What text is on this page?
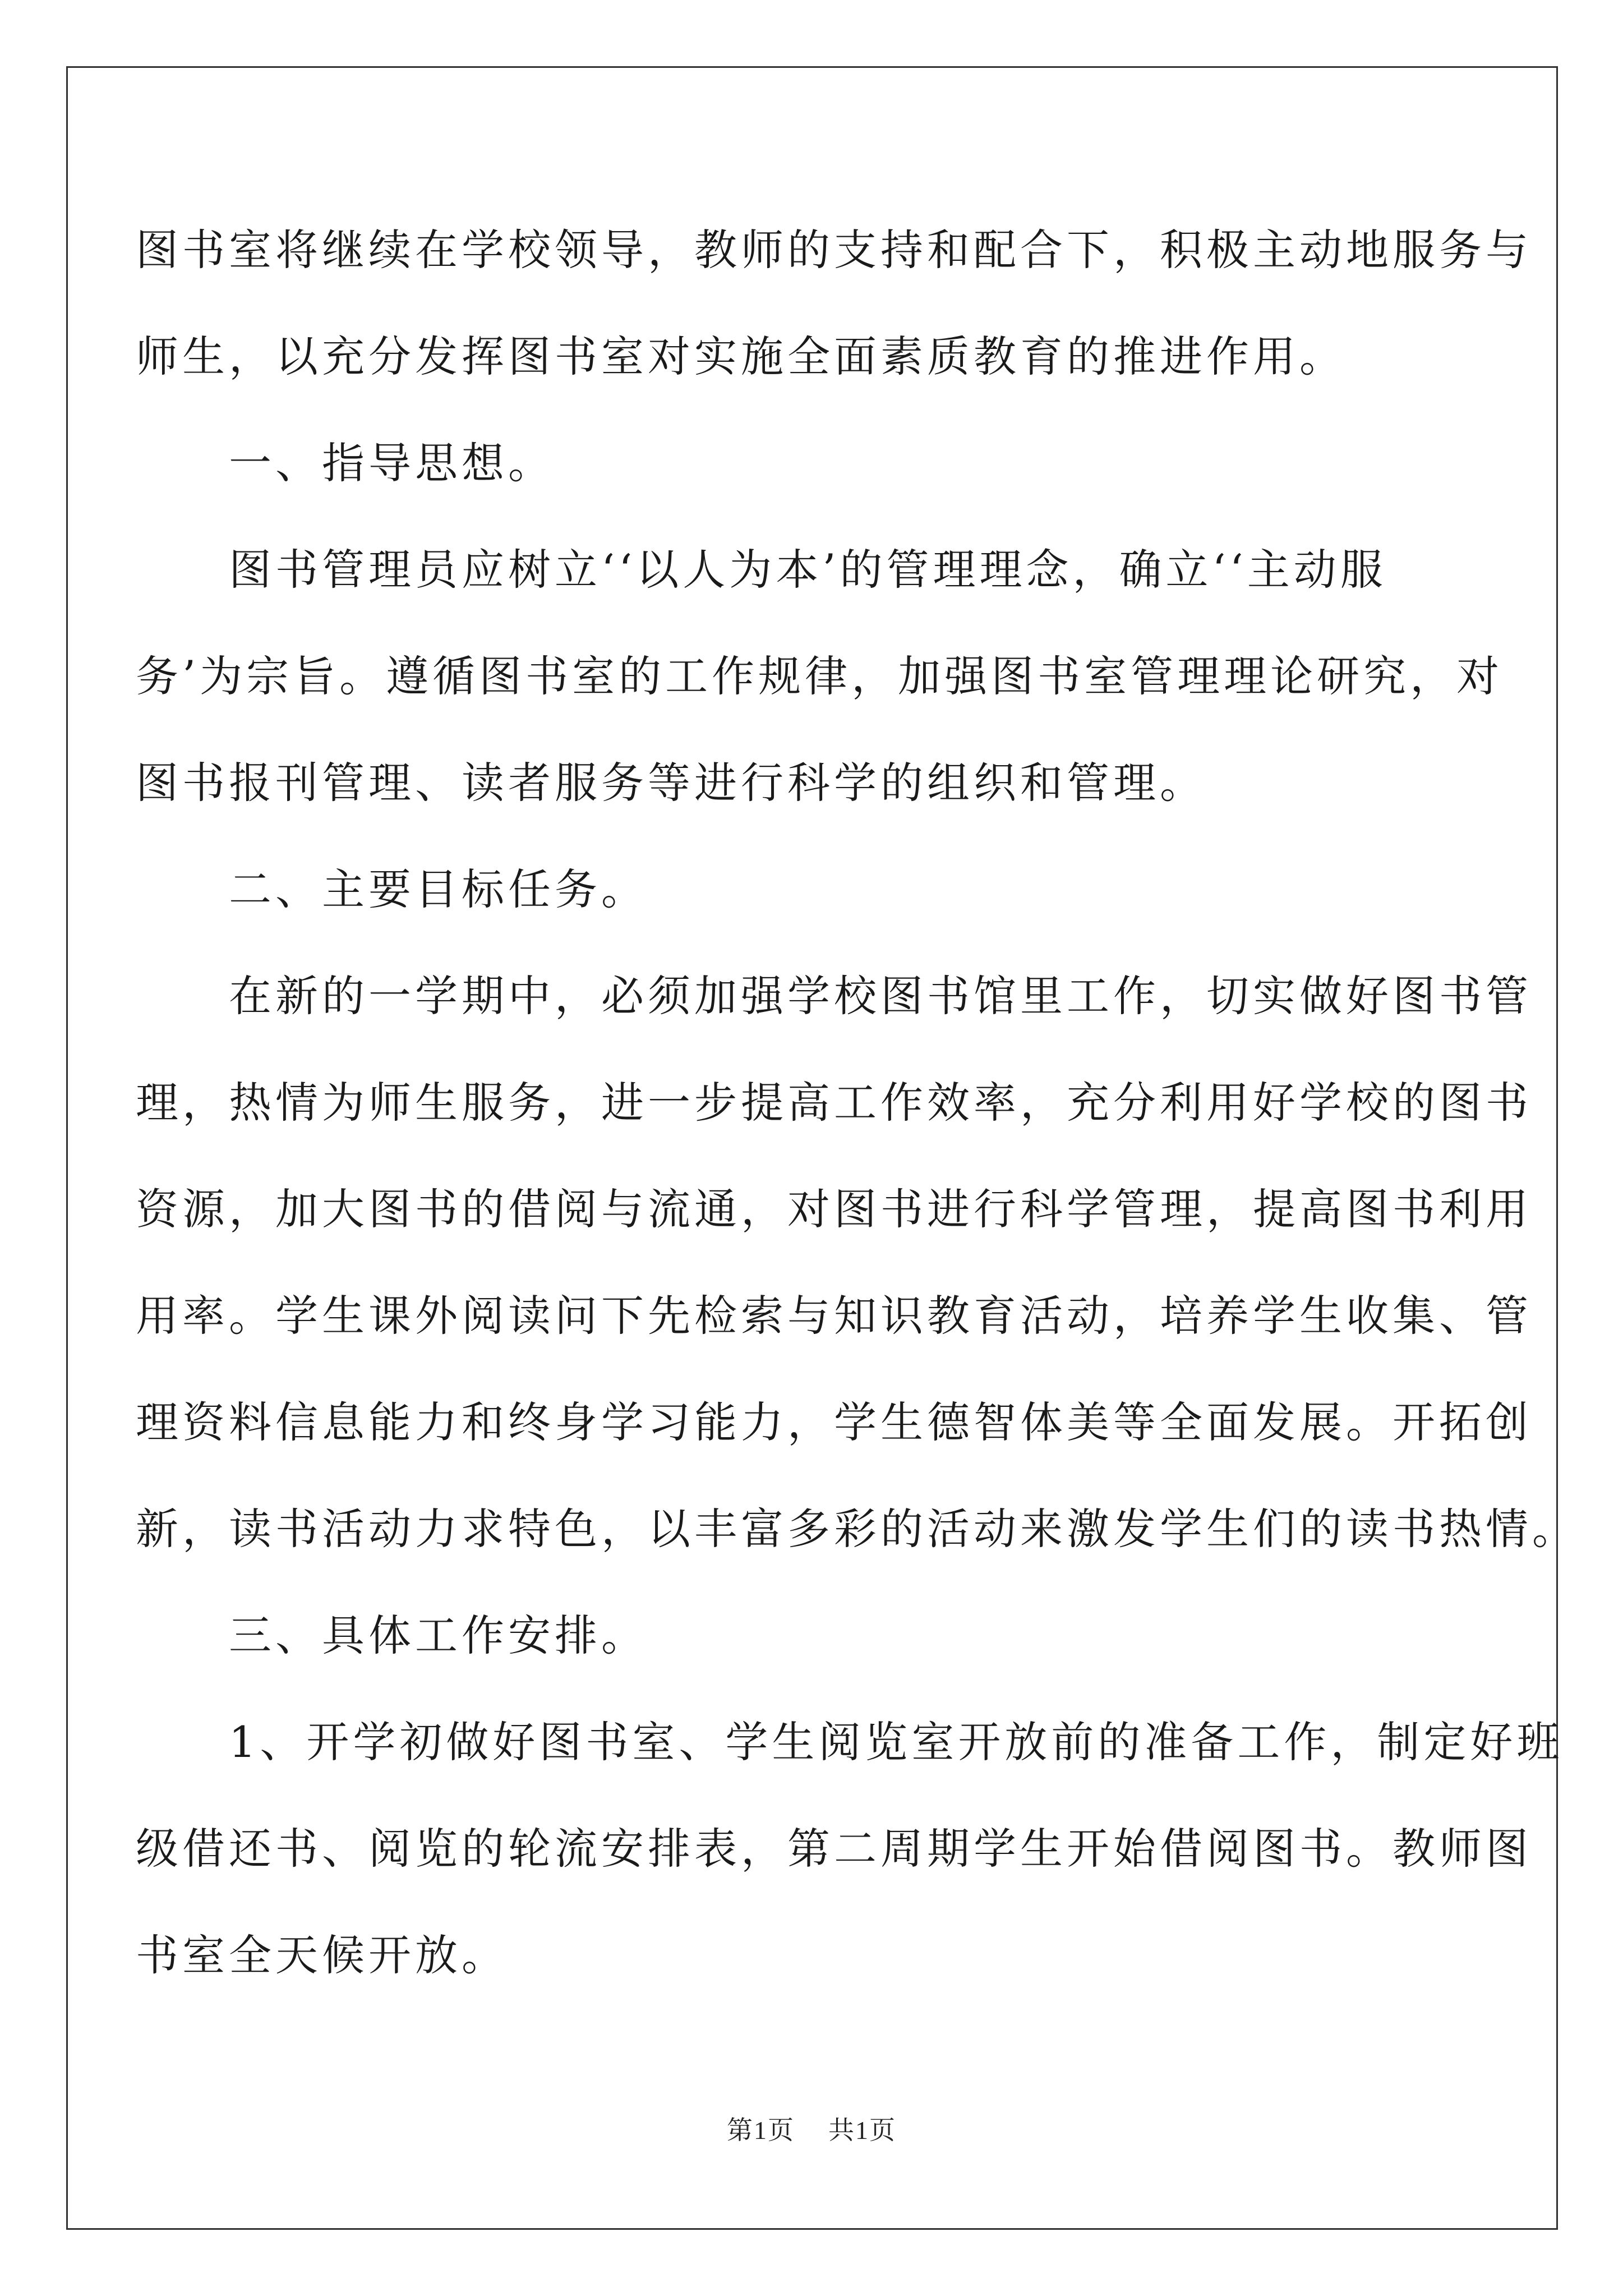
图书室将继续在学校领导，教师的支持和配合下，积极主动地服务与
师生，以充分发挥图书室对实施全面素质教育的推进作用。
　　一、指导思想。
　　图书管理员应树立‘‘以人为本’的管理理念，确立‘‘主动服
务’为宗旨。遵循图书室的工作规律，加强图书室管理理论研究，对
图书报刊管理、读者服务等进行科学的组织和管理。
　　二、主要目标任务。
　　在新的一学期中，必须加强学校图书馆里工作，切实做好图书管
理，热情为师生服务，进一步提高工作效率，充分利用好学校的图书
资源，加大图书的借阅与流通，对图书进行科学管理，提高图书利用
用率。学生课外阅读问下先检索与知识教育活动，培养学生收集、管
理资料信息能力和终身学习能力，学生德智体美等全面发展。开拓创
新，读书活动力求特色，以丰富多彩的活动来激发学生们的读书热情。
　　三、具体工作安排。
　　1、开学初做好图书室、学生阅览室开放前的准备工作，制定好班
级借还书、阅览的轮流安排表，第二周期学生开始借阅图书。教师图
书室全天候开放。
第1页 共1页
